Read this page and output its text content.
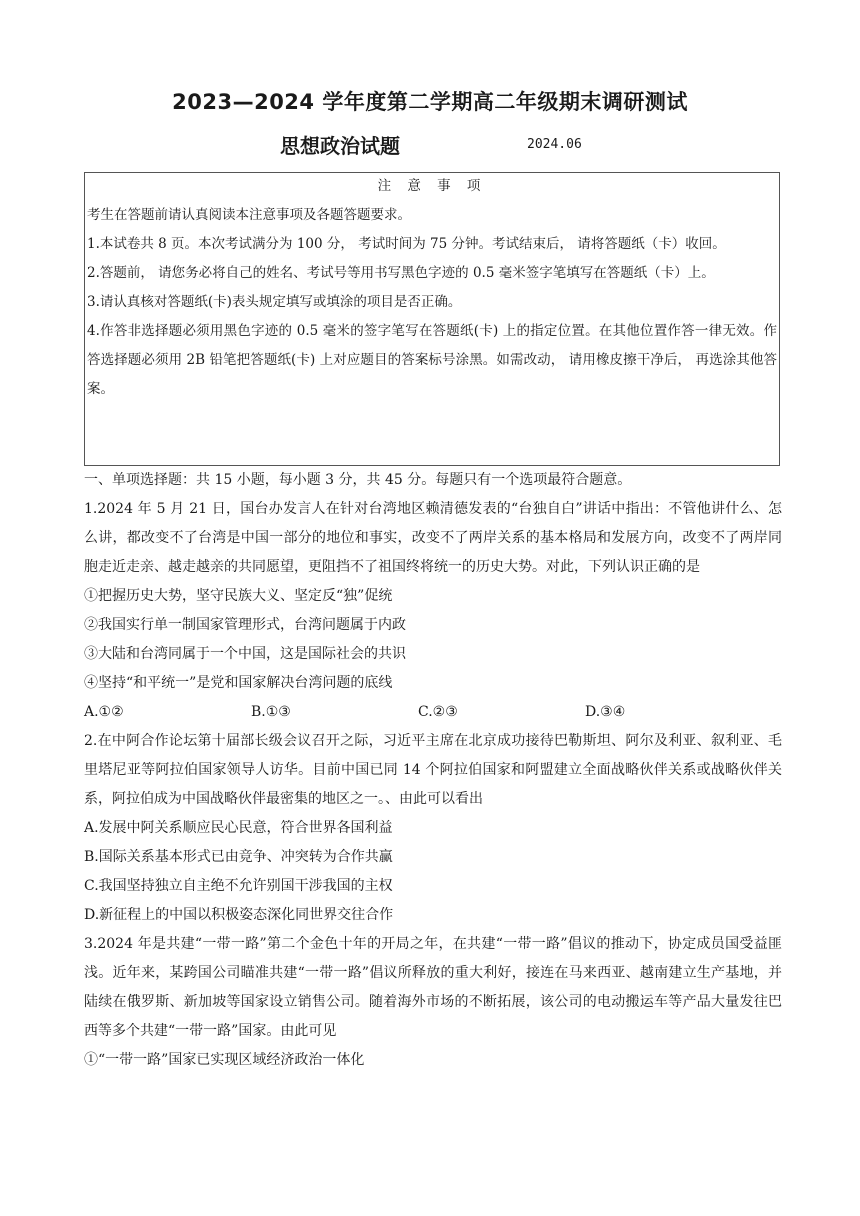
2023—2024 学年度第二学期高二年级期末调研测试
思想政治试题	2024.06
注 意 事 项
考生在答题前请认真阅读本注意事项及各题答题要求。
1.本试卷共 8 页。本次考试满分为 100 分， 考试时间为 75 分钟。考试结束后， 请将答题纸（卡）收回。
2.答题前， 请您务必将自己的姓名、考试号等用书写黑色字迹的 0.5 毫米签字笔填写在答题纸（卡）上。
3.请认真核对答题纸(卡)表头规定填写或填涂的项目是否正确。
4.作答非选择题必须用黑色字迹的 0.5 毫米的签字笔写在答题纸(卡) 上的指定位置。在其他位置作答一律无效。作答选择题必须用 2B 铅笔把答题纸(卡) 上对应题目的答案标号涂黑。如需改动， 请用橡皮擦干净后， 再选涂其他答案。

一、单项选择题：共 15 小题，每小题 3 分，共 45 分。每题只有一个选项最符合题意。

1.2024 年 5 月 21 日，国台办发言人在针对台湾地区赖清德发表的“台独自白”讲话中指出：不管他讲什么、怎么讲，都改变不了台湾是中国一部分的地位和事实，改变不了两岸关系的基本格局和发展方向，改变不了两岸同胞走近走亲、越走越亲的共同愿望，更阻挡不了祖国终将统一的历史大势。对此，下列认识正确的是

①把握历史大势，坚守民族大义、坚定反“独”促统

②我国实行单一制国家管理形式，台湾问题属于内政

③大陆和台湾同属于一个中国，这是国际社会的共识

④坚持“和平统一”是党和国家解决台湾问题的底线

A.①②	B.①③	C.②③	D.③④

2.在中阿合作论坛第十届部长级会议召开之际，习近平主席在北京成功接待巴勒斯坦、阿尔及利亚、叙利亚、毛里塔尼亚等阿拉伯国家领导人访华。目前中国已同 14 个阿拉伯国家和阿盟建立全面战略伙伴关系或战略伙伴关系，阿拉伯成为中国战略伙伴最密集的地区之一。、由此可以看出

A.发展中阿关系顺应民心民意，符合世界各国利益

B.国际关系基本形式已由竞争、冲突转为合作共赢

C.我国坚持独立自主绝不允许别国干涉我国的主权

D.新征程上的中国以积极姿态深化同世界交往合作

3.2024 年是共建“一带一路”第二个金色十年的开局之年，在共建“一带一路”倡议的推动下，协定成员国受益匪浅。近年来，某跨国公司瞄准共建“一带一路”倡议所释放的重大利好，接连在马来西亚、越南建立生产基地，并陆续在俄罗斯、新加坡等国家设立销售公司。随着海外市场的不断拓展，该公司的电动搬运车等产品大量发往巴西等多个共建“一带一路”国家。由此可见

①“一带一路”国家已实现区域经济政治一体化
